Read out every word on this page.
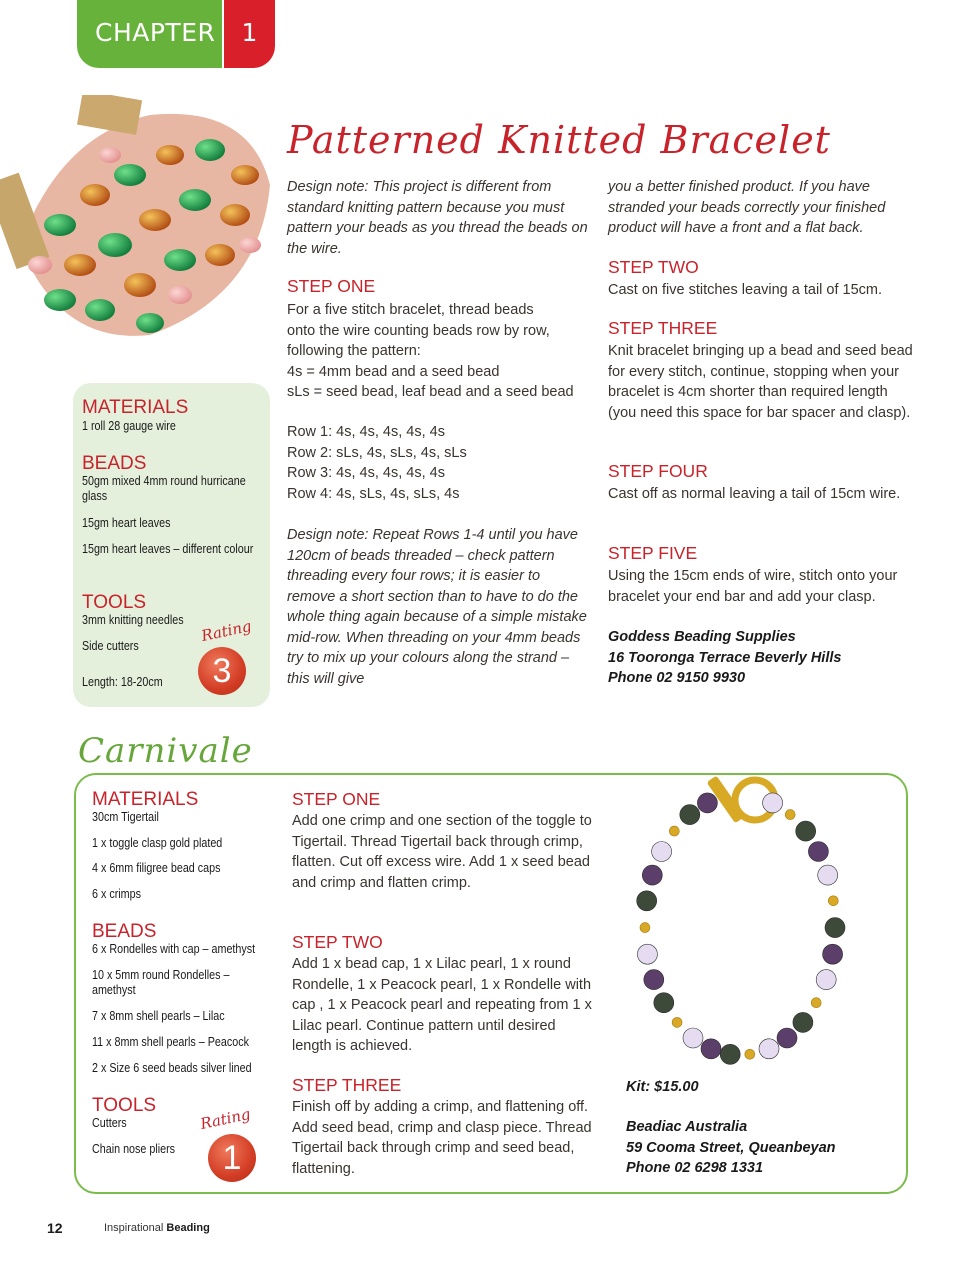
CHAPTER	1
Patterned Knitted Bracelet
MATERIALS
1 roll 28 gauge wire
BEADS
50gm mixed 4mm round hurricane glass
15gm heart leaves
15gm heart leaves – different colour
TOOLS
3mm knitting needles
Side cutters
Length: 18-20cm
Rating
3
Design note: This project is different from standard knitting pattern because you must pattern your beads as you thread the beads on the wire.
STEP ONE
For a five stitch bracelet, thread beads
onto the wire counting beads row by row,
following the pattern:
4s = 4mm bead and a seed bead
sLs = seed bead, leaf bead and a seed bead
Row 1: 4s, 4s, 4s, 4s, 4s
Row 2: sLs, 4s, sLs, 4s, sLs
Row 3: 4s, 4s, 4s, 4s, 4s
Row 4: 4s, sLs, 4s, sLs, 4s
Design note: Repeat Rows 1-4 until you have 120cm of beads threaded – check pattern threading every four rows; it is easier to remove a short section than to have to do the whole thing again because of a simple mistake mid-row. When threading on your 4mm beads try to mix up your colours along the strand – this will give
you a better finished product. If you have stranded your beads correctly your finished product will have a front and a flat back.
STEP TWO
Cast on five stitches leaving a tail of 15cm.
STEP THREE
Knit bracelet bringing up a bead and seed bead for every stitch, continue, stopping when your bracelet is 4cm shorter than required length (you need this space for bar spacer and clasp).
STEP FOUR
Cast off as normal leaving a tail of 15cm wire.
STEP FIVE
Using the 15cm ends of wire, stitch onto your bracelet your end bar and add your clasp.
Goddess Beading Supplies
16 Tooronga Terrace Beverly Hills
Phone 02 9150 9930
Carnivale
Kit: $15.00
Beadiac Australia
59 Cooma Street, Queanbeyan
Phone 02 6298 1331
MATERIALS
30cm Tigertail
1 x toggle clasp gold plated
4 x 6mm filigree bead caps
6 x crimps
BEADS
6 x Rondelles with cap – amethyst
10 x 5mm round Rondelles – amethyst
7 x 8mm shell pearls – Lilac
11 x 8mm shell pearls – Peacock
2 x Size 6 seed beads silver lined
TOOLS
Cutters
Chain nose pliers
Rating
1
STEP ONE
Add one crimp and one section of the toggle to Tigertail. Thread Tigertail back through crimp, flatten. Cut off excess wire. Add 1 x seed bead and crimp and flatten crimp.
STEP TWO
Add 1 x bead cap, 1 x Lilac pearl, 1 x round Rondelle, 1 x Peacock pearl, 1 x Rondelle with cap , 1 x Peacock pearl and repeating from 1 x Lilac pearl. Continue pattern until desired length is achieved.
STEP THREE
Finish off by adding a crimp, and flattening off. Add seed bead, crimp and clasp piece. Thread Tigertail back through crimp and seed bead, flattening.
12	Inspirational Beading
